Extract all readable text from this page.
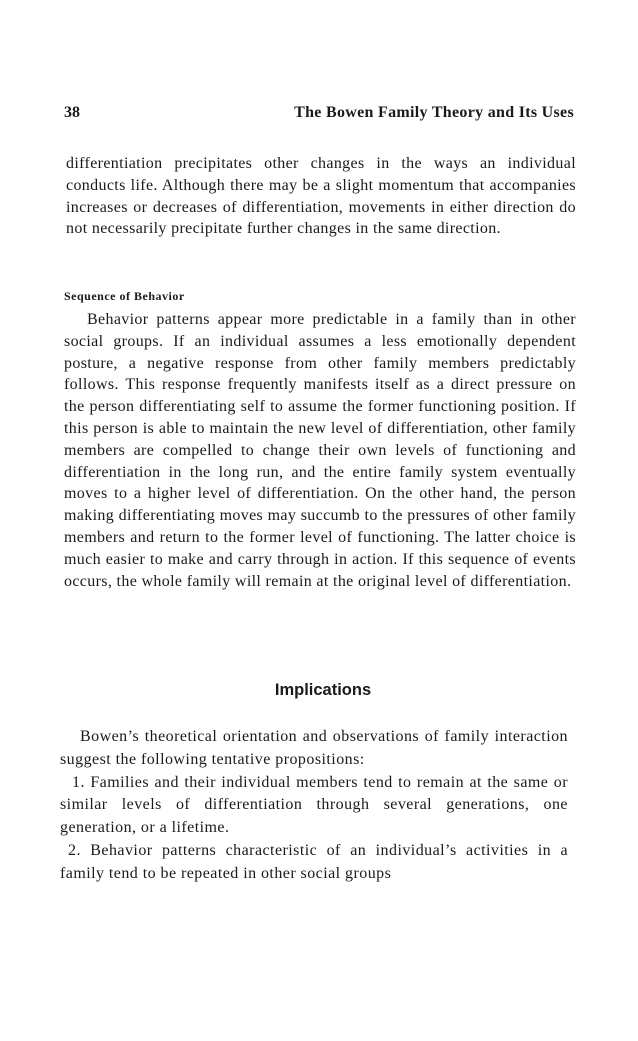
38	The Bowen Family Theory and Its Uses

differentiation precipitates other changes in the ways an individual conducts life. Although there may be a slight momentum that accompanies increases or decreases of differentiation, movements in either direction do not necessarily precipitate further changes in the same direction.

Sequence of Behavior

Behavior patterns appear more predictable in a family than in other social groups. If an individual assumes a less emotionally dependent posture, a negative response from other family members predictably follows. This response frequently manifests itself as a direct pressure on the person differentiating self to assume the former functioning position. If this person is able to maintain the new level of differentiation, other family members are compelled to change their own levels of functioning and differentiation in the long run, and the entire family system eventually moves to a higher level of differentiation. On the other hand, the person making differentiating moves may succumb to the pressures of other family members and return to the former level of functioning. The latter choice is much easier to make and carry through in action. If this sequence of events occurs, the whole family will remain at the original level of differentiation.

Implications

Bowen’s theoretical orientation and observations of family interaction suggest the following tentative propositions:

1. Families and their individual members tend to remain at the same or similar levels of differentiation through several generations, one generation, or a lifetime.

2. Behavior patterns characteristic of an individual’s activities in a family tend to be repeated in other social groups
